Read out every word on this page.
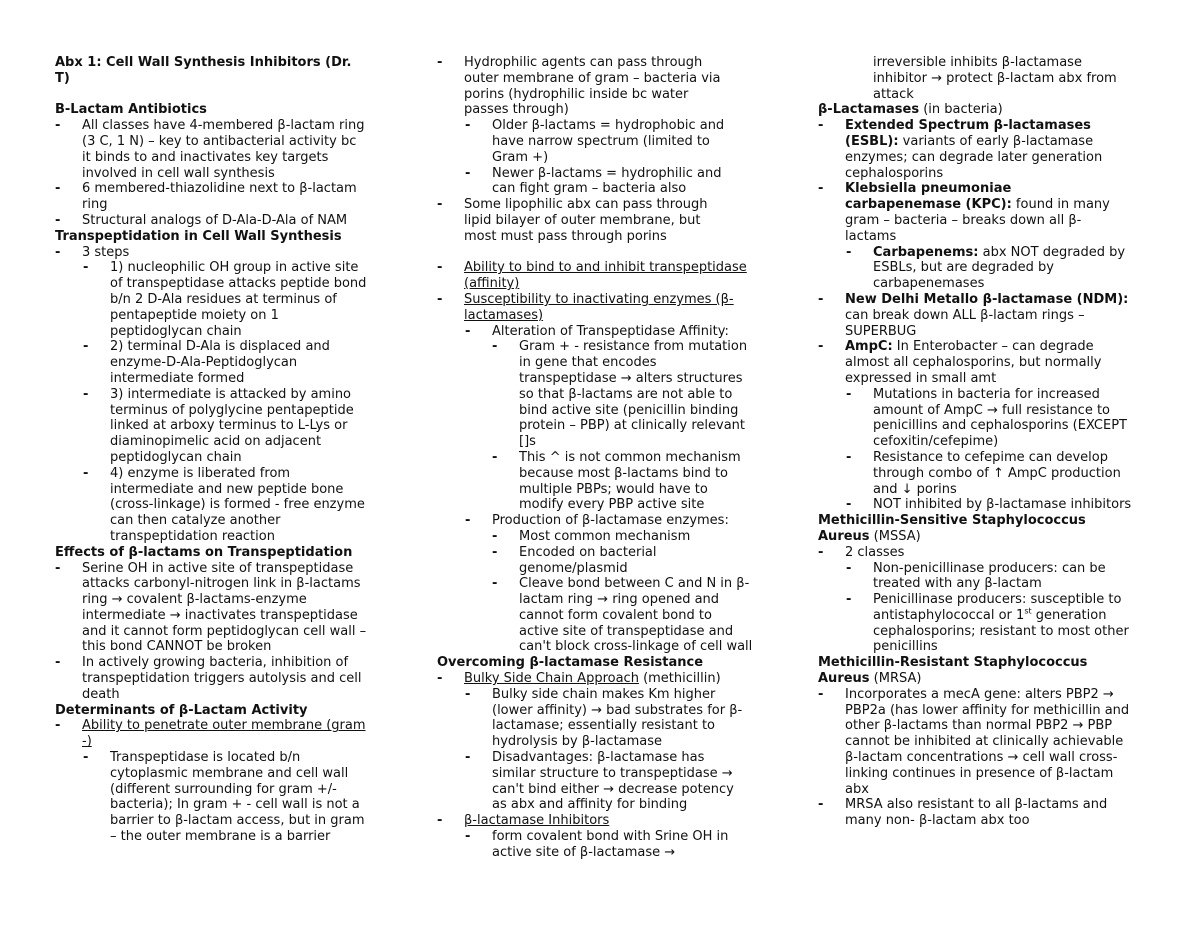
Abx 1: Cell Wall Synthesis Inhibitors (Dr.
T)
B-Lactam Antibiotics
- All classes have 4-membered β-lactam ring
(3 C, 1 N) – key to antibacterial activity bc
it binds to and inactivates key targets
involved in cell wall synthesis
- 6 membered-thiazolidine next to β-lactam
ring
- Structural analogs of D-Ala-D-Ala of NAM
Transpeptidation in Cell Wall Synthesis
- 3 steps
- 1) nucleophilic OH group in active site
of transpeptidase attacks peptide bond
b/n 2 D-Ala residues at terminus of
pentapeptide moiety on 1
peptidoglycan chain
- 2) terminal D-Ala is displaced and
enzyme-D-Ala-Peptidoglycan
intermediate formed
- 3) intermediate is attacked by amino
terminus of polyglycine pentapeptide
linked at arboxy terminus to L-Lys or
diaminopimelic acid on adjacent
peptidoglycan chain
- 4) enzyme is liberated from
intermediate and new peptide bone
(cross-linkage) is formed - free enzyme
can then catalyze another
transpeptidation reaction
Effects of β-lactams on Transpeptidation
- Serine OH in active site of transpeptidase
attacks carbonyl-nitrogen link in β-lactams
ring → covalent β-lactams-enzyme
intermediate → inactivates transpeptidase
and it cannot form peptidoglycan cell wall –
this bond CANNOT be broken
- In actively growing bacteria, inhibition of
transpeptidation triggers autolysis and cell
death
Determinants of β-Lactam Activity
- Ability to penetrate outer membrane (gram
-)
- Transpeptidase is located b/n
cytoplasmic membrane and cell wall
(different surrounding for gram +/-
bacteria); In gram + - cell wall is not a
barrier to β-lactam access, but in gram
– the outer membrane is a barrier
- Hydrophilic agents can pass through
outer membrane of gram – bacteria via
porins (hydrophilic inside bc water
passes through)
- Older β-lactams = hydrophobic and
have narrow spectrum (limited to
Gram +)
- Newer β-lactams = hydrophilic and
can fight gram – bacteria also
- Some lipophilic abx can pass through
lipid bilayer of outer membrane, but
most must pass through porins
- Ability to bind to and inhibit transpeptidase
(affinity)
- Susceptibility to inactivating enzymes (β-
lactamases)
- Alteration of Transpeptidase Affinity:
- Gram + - resistance from mutation
in gene that encodes
transpeptidase → alters structures
so that β-lactams are not able to
bind active site (penicillin binding
protein – PBP) at clinically relevant
[]s
- This ^ is not common mechanism
because most β-lactams bind to
multiple PBPs; would have to
modify every PBP active site
- Production of β-lactamase enzymes:
- Most common mechanism
- Encoded on bacterial
genome/plasmid
- Cleave bond between C and N in β-
lactam ring → ring opened and
cannot form covalent bond to
active site of transpeptidase and
can't block cross-linkage of cell wall
Overcoming β-lactamase Resistance
- Bulky Side Chain Approach (methicillin)
- Bulky side chain makes Km higher
(lower affinity) → bad substrates for β-
lactamase; essentially resistant to
hydrolysis by β-lactamase
- Disadvantages: β-lactamase has
similar structure to transpeptidase →
can't bind either → decrease potency
as abx and affinity for binding
- β-lactamase Inhibitors
- form covalent bond with Srine OH in
active site of β-lactamase →
irreversible inhibits β-lactamase
inhibitor → protect β-lactam abx from
attack
β-Lactamases (in bacteria)
- Extended Spectrum β-lactamases
(ESBL): variants of early β-lactamase
enzymes; can degrade later generation
cephalosporins
- Klebsiella pneumoniae
carbapenemase (KPC): found in many
gram – bacteria – breaks down all β-
lactams
- Carbapenems: abx NOT degraded by
ESBLs, but are degraded by
carbapenemases
- New Delhi Metallo β-lactamase (NDM):
can break down ALL β-lactam rings –
SUPERBUG
- AmpC: In Enterobacter – can degrade
almost all cephalosporins, but normally
expressed in small amt
- Mutations in bacteria for increased
amount of AmpC → full resistance to
penicillins and cephalosporins (EXCEPT
cefoxitin/cefepime)
- Resistance to cefepime can develop
through combo of ↑ AmpC production
and ↓ porins
- NOT inhibited by β-lactamase inhibitors
Methicillin-Sensitive Staphylococcus
Aureus (MSSA)
- 2 classes
- Non-penicillinase producers: can be
treated with any β-lactam
- Penicillinase producers: susceptible to
antistaphylococcal or 1st generation
cephalosporins; resistant to most other
penicillins
Methicillin-Resistant Staphylococcus
Aureus (MRSA)
- Incorporates a mecA gene: alters PBP2 →
PBP2a (has lower affinity for methicillin and
other β-lactams than normal PBP2 → PBP
cannot be inhibited at clinically achievable
β-lactam concentrations → cell wall cross-
linking continues in presence of β-lactam
abx
- MRSA also resistant to all β-lactams and
many non- β-lactam abx too
